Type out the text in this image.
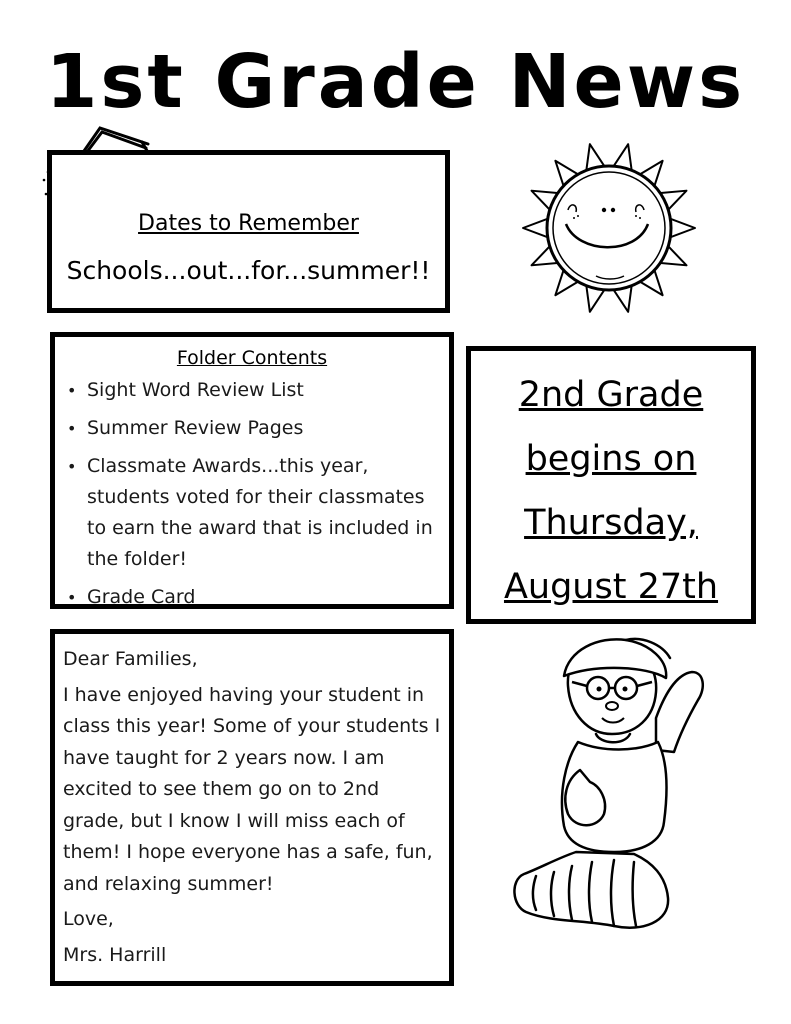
1st Grade News
Dates to Remember
Schools...out...for...summer!!
Folder Contents
• Sight Word Review List
• Summer Review Pages
• Classmate Awards...this year, students voted for their classmates to earn the award that is included in the folder!
• Grade Card
2nd Grade
begins on
Thursday,
August 27th

Dear Families,

I have enjoyed having your student in class this year! Some of your students I have taught for 2 years now. I am excited to see them go on to 2nd grade, but I know I will miss each of them! I hope everyone has a safe, fun, and relaxing summer!

Love,

Mrs. Harrill
